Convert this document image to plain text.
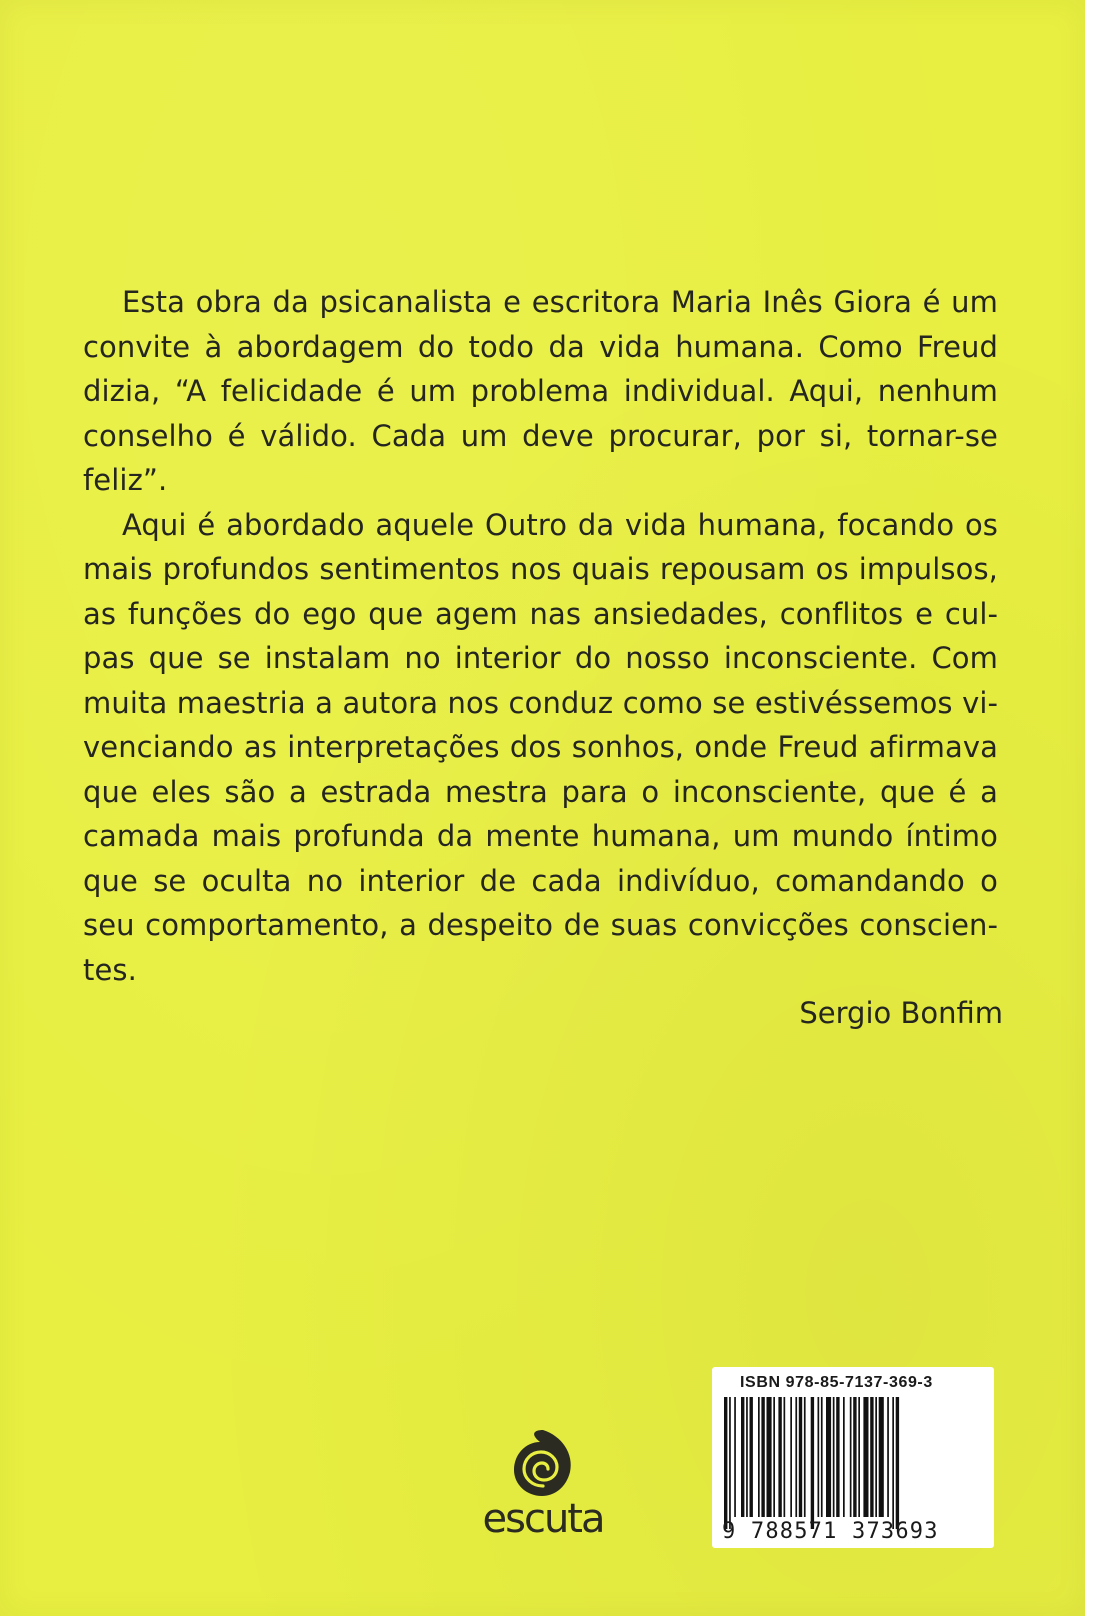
Esta obra da psicanalista e escritora Maria Inês Giora é um convite à abordagem do todo da vida humana. Como Freud dizia, “A felicidade é um problema individual. Aqui, nenhum conselho é válido. Cada um deve procurar, por si, tornar-se feliz”.

Aqui é abordado aquele Outro da vida humana, focando os mais profundos sentimentos nos quais repousam os impulsos, as funções do ego que agem nas ansiedades, conflitos e culpas que se instalam no interior do nosso inconsciente. Com muita maestria a autora nos conduz como se estivéssemos vivenciando as interpretações dos sonhos, onde Freud afirmava que eles são a estrada mestra para o inconsciente, que é a camada mais profunda da mente humana, um mundo íntimo que se oculta no interior de cada indivíduo, comandando o seu comportamento, a despeito de suas convicções conscientes.

Sergio Bonfim
escuta
ISBN 978-85-7137-369-3
9 788571 373693
